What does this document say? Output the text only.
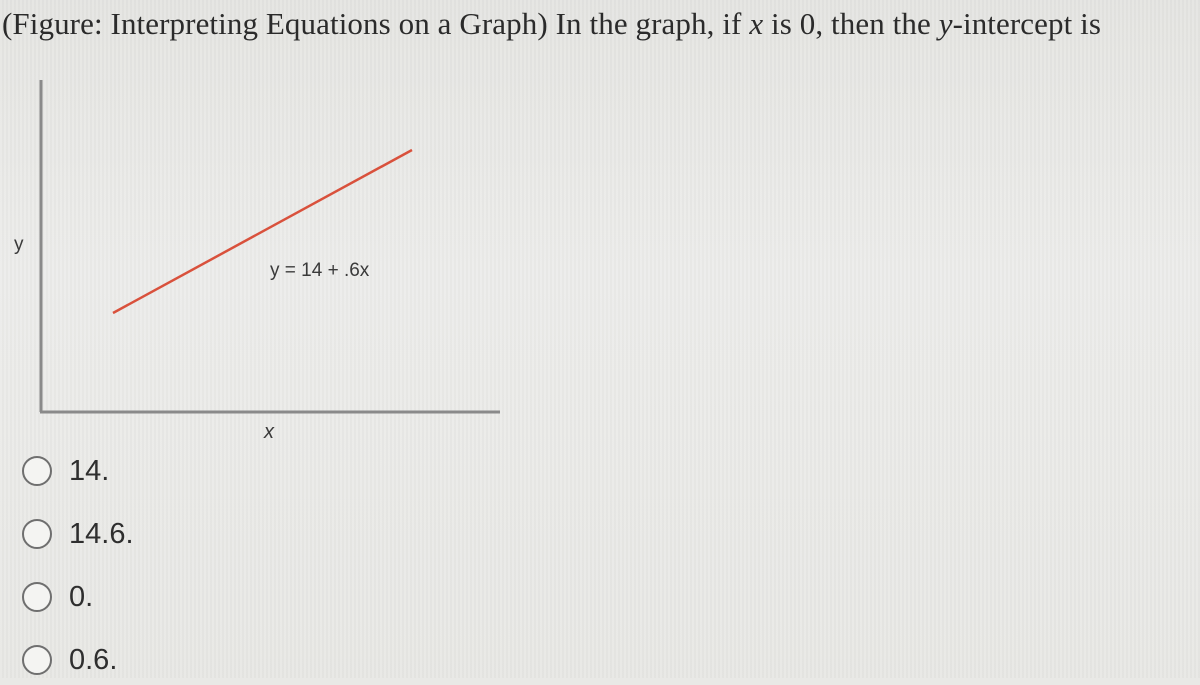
(Figure: Interpreting Equations on a Graph) In the graph, if x is 0, then the y-intercept is
y
x
y = 14 + .6x
14.
14.6.
0.
0.6.
